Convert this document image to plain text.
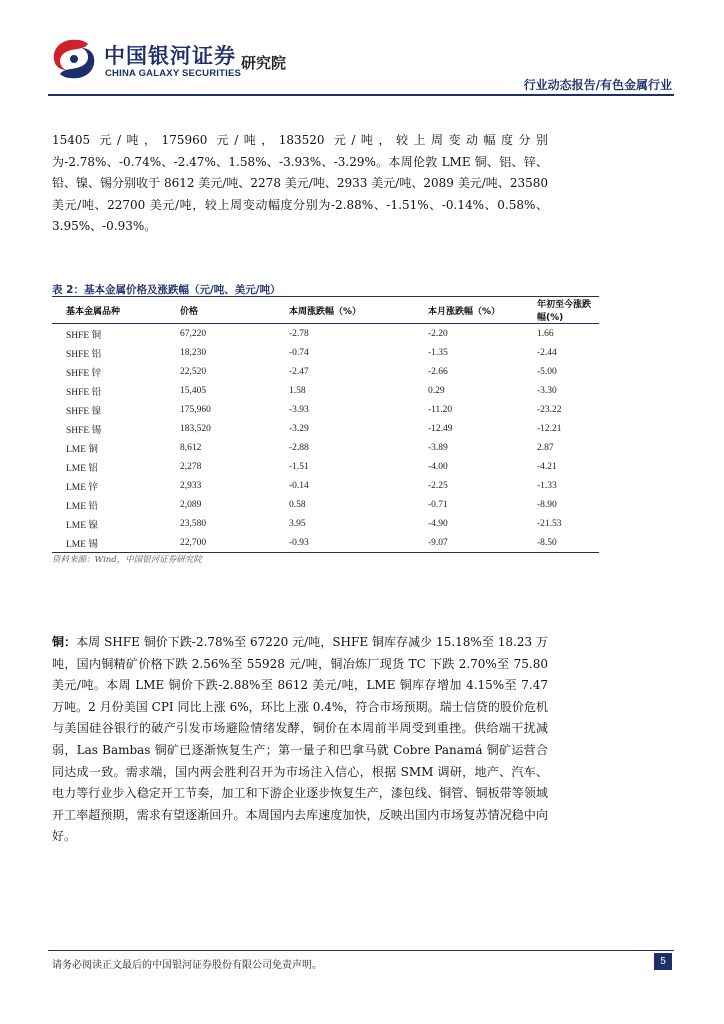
中国银河证券
CHINA GALAXY SECURITIES
研究院
行业动态报告/有色金属行业

15405 元/吨，175960 元/吨，183520 元/吨，较上周变动幅度分别为-2.78%、-0.74%、-2.47%、1.58%、-3.93%、-3.29%。本周伦敦 LME 铜、铝、锌、铅、镍、锡分别收于 8612 美元/吨、2278 美元/吨、2933 美元/吨、2089 美元/吨、23580 美元/吨、22700 美元/吨，较上周变动幅度分别为-2.88%、-1.51%、-0.14%、0.58%、3.95%、-0.93%。

表 2：基本金属价格及涨跌幅（元/吨、美元/吨）
基本金属品种	价格	本周涨跌幅（%）	本月涨跌幅（%）	年初至今涨跌幅(%)
SHFE 铜	67,220	-2.78	-2.20	1.66
SHFE 铝	18,230	-0.74	-1.35	-2.44
SHFE 锌	22,520	-2.47	-2.66	-5.00
SHFE 铅	15,405	1.58	0.29	-3.30
SHFE 镍	175,960	-3.93	-11.20	-23.22
SHFE 锡	183,520	-3.29	-12.49	-12.21
LME 铜	8,612	-2.88	-3.89	2.87
LME 铝	2,278	-1.51	-4.00	-4.21
LME 锌	2,933	-0.14	-2.25	-1.33
LME 铅	2,089	0.58	-0.71	-8.90
LME 镍	23,580	3.95	-4.90	-21.53
LME 锡	22,700	-0.93	-9.07	-8.50
资料来源：Wind，中国银河证券研究院

铜：本周 SHFE 铜价下跌-2.78%至 67220 元/吨，SHFE 铜库存减少 15.18%至 18.23 万吨，国内铜精矿价格下跌 2.56%至 55928 元/吨，铜冶炼厂现货 TC 下跌 2.70%至 75.80 美元/吨。本周 LME 铜价下跌-2.88%至 8612 美元/吨，LME 铜库存增加 4.15%至 7.47 万吨。2 月份美国 CPI 同比上涨 6%，环比上涨 0.4%，符合市场预期。瑞士信贷的股价危机与美国硅谷银行的破产引发市场避险情绪发酵，铜价在本周前半周受到重挫。供给端干扰减弱，Las Bambas 铜矿已逐渐恢复生产；第一量子和巴拿马就 Cobre Panamá 铜矿运营合同达成一致。需求端，国内两会胜利召开为市场注入信心，根据 SMM 调研，地产、汽车、电力等行业步入稳定开工节奏，加工和下游企业逐步恢复生产，漆包线、铜管、铜板带等领域开工率超预期，需求有望逐渐回升。本周国内去库速度加快，反映出国内市场复苏情况稳中向好。

请务必阅读正文最后的中国银河证券股份有限公司免责声明。	5
